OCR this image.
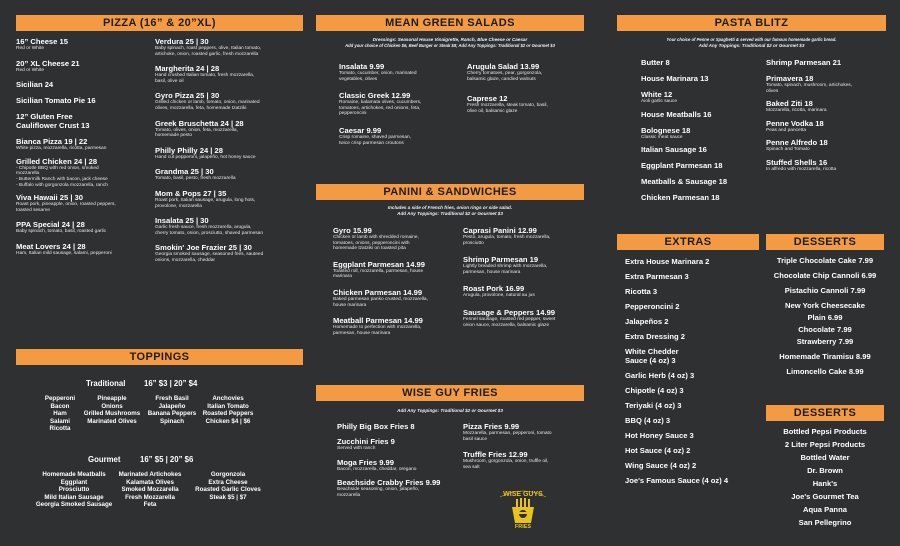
PIZZA (16” & 20”XL)
16” Cheese 15
Red or White
20” XL Cheese 21
Red or White
Sicilian 24
Sicilian Tomato Pie 16
12” Gluten Free
Cauliflower Crust 13
Bianca Pizza 19 | 22
White pizza, mozzarella, ricotta, parmesan
Grilled Chicken 24 | 28
- Chipotle BBQ with red onion, smoked
mozzarella
- Buttermilk Ranch with bacon, jack cheese
- Buffalo with gorgonzola mozzarella, ranch
Viva Hawaii 25 | 30
Roast pork, pineapple, onion, roasted peppers,
toasted sesame
PPA Special 24 | 28
Baby spinach, tomato, basil, roasted garlic
Meat Lovers 24 | 28
Ham, Italian mild sausage, salami, pepperoni
Verdura 25 | 30
Baby spinach, roast peppers, olive, Italian tomato,
artichoke, onion, roasted garlic, fresh mozzarella
Margherita 24 | 28
Hand crushed Italian tomato, fresh mozzarella,
basil, olive oil
Gyro Pizza 25 | 30
Grilled chicken or lamb, tomato, onion, marinated
olives, mozzarella, feta, homemade tzatziki
Greek Bruschetta 24 | 28
Tomato, olives, onion, feta, mozzarella,
homemade pesto
Philly Philly 24 | 28
Hand cut pepperoni, jalapeño, hot honey sauce
Grandma 25 | 30
Tomato, basil, pesto, fresh mozzarella
Mom & Pops 27 | 35
Roast pork, Italian sausage, arugula, long hots,
provolone, mozzarella
Insalata 25 | 30
Garlic fresh sauce, fresh mozzarella, arugula,
cherry tomato, onion, prosciutto, shaved parmesan
Smokin' Joe Frazier 25 | 30
Georgia smoked sausage, seasoned fries, sauteed
onions, mozzarella, cheddar
TOPPINGS
Traditional 16” $3 | 20” $4
Pepperoni
Bacon
Ham
Salami
Ricotta
Pineapple
Onions
Grilled Mushrooms
Marinated Olives
Fresh Basil
Jalapeño
Banana Peppers
Spinach
Anchovies
Italian Tomato
Roasted Peppers
Chicken $4 | $6
Gourmet	16” $5 | 20” $6
Homemade Meatballs
Eggplant
Prosciutto
Mild Italian Sausage
Georgia Smoked Sausage
Marinated Artichokes
Kalamata Olives
Smoked Mozzarella
Fresh Mozzarella
Feta
Gorgonzola
Extra Cheese
Roasted Garlic Cloves
Steak $5 | $7
MEAN GREEN SALADS
Dressings: Seasonal House Vinaigrette, Ranch, Blue Cheese or Caesar
Add your choice of Chicken $6, Beef Burger or Steak $8; Add Any Toppings: Traditional $2 or Gourmet $3
Insalata 9.99
Tomato, cucumber, onion, marinated
vegetables, olives
Classic Greek 12.99
Romaine, kalamata olives, cucumbers,
tomatoes, artichokes, red onions, feta,
pepperoncini
Caesar 9.99
Crisp romaine, shaved parmesan,
twice crisp parmesan croutons
Arugula Salad 13.99
Cherry tomatoes, pear, gorgonzola,
balsamic glaze, candied walnuts
Caprese 12
Fresh mozzarella, steak tomato, basil,
olive oil, balsamic glaze
PANINI & SANDWICHES
Includes a side of French fries, onion rings or side salad.
Add Any Toppings: Traditional $2 or Gourmet $3
Gyro 15.99
Chicken or lamb with shredded romaine,
tomatoes, onions, pepperoncini with
homemade tzatziki on toasted pita
Eggplant Parmesan 14.99
Toasted roll, mozzarella, parmesan, house
marinara
Chicken Parmesan 14.99
Baked parmesan panko crusted, mozzarella,
house marinara
Meatball Parmesan 14.99
Homemade to perfection with mozzarella,
parmesan, house marinara
Caprasi Panini 12.99
Pesto, arugula, tomato, fresh mozzarella,
prosciutto
Shrimp Parmesan 19
Lightly breaded shrimp with mozzarella,
parmesan, house marinara
Roast Pork 16.99
Arugula, provolone, natural au jus
Sausage & Peppers 14.99
Fennel sausage, roasted red pepper, sweet
onion sauce, mozzarella, balsamic glaze
WISE GUY FRIES
Add Any Toppings: Traditional $2 or Gourmet $3
Philly Big Box Fries 8
Zucchini Fries 9
Served with ranch
Moga Fries 9.99
Bacon, mozzarella, cheddar, oregano
Beachside Crabby Fries 9.99
Beachside seasoning, onion, jalapeño,
mozzarella
Pizza Fries 9.99
Mozzarella, parmesan, pepperoni, tomato
basil sauce
Truffle Fries 12.99
Mushroom, gorgonzola, onion, truffle oil,
sea salt
WISE GUYS
FRIES
PASTA BLITZ
Your choice of Penne or Spaghetti & served with our famous homemade garlic bread.
Add Any Toppings: Traditional $2 or Gourmet $3
Butter 8
House Marinara 13
White 12
Aioli garlic sauce
House Meatballs 16
Bolognese 18
Classic meat sauce
Italian Sausage 16
Eggplant Parmesan 18
Meatballs & Sausage 18
Chicken Parmesan 18
Shrimp Parmesan 21
Primavera 18
Tomato, spinach, mushroom, artichokes,
olives
Baked Ziti 18
Mozzarella, ricotta, marinara
Penne Vodka 18
Peas and pancetta
Penne Alfredo 18
Spinach and Tomato
Stuffed Shells 16
In alfredo with mozzarella, ricotta
EXTRAS
Extra House Marinara 2
Extra Parmesan 3
Ricotta 3
Pepperoncini 2
Jalapeños 2
Extra Dressing 2
White Chedder
Sauce (4 oz) 3
Garlic Herb (4 oz) 3
Chipotle (4 oz) 3
Teriyaki (4 oz) 3
BBQ (4 oz) 3
Hot Honey Sauce 3
Hot Sauce (4 oz) 2
Wing Sauce (4 oz) 2
Joe's Famous Sauce (4 oz) 4
DESSERTS
Triple Chocolate Cake 7.99
Chocolate Chip Cannoli 6.99
Pistachio Cannoli 7.99
New York Cheesecake
Plain 6.99
Chocolate 7.99
Strawberry 7.99
Homemade Tiramisu 8.99
Limoncello Cake 8.99
DESSERTS
Bottled Pepsi Products
2 Liter Pepsi Products
Bottled Water
Dr. Brown
Hank's
Joe's Gourmet Tea
Aqua Panna
San Pellegrino
